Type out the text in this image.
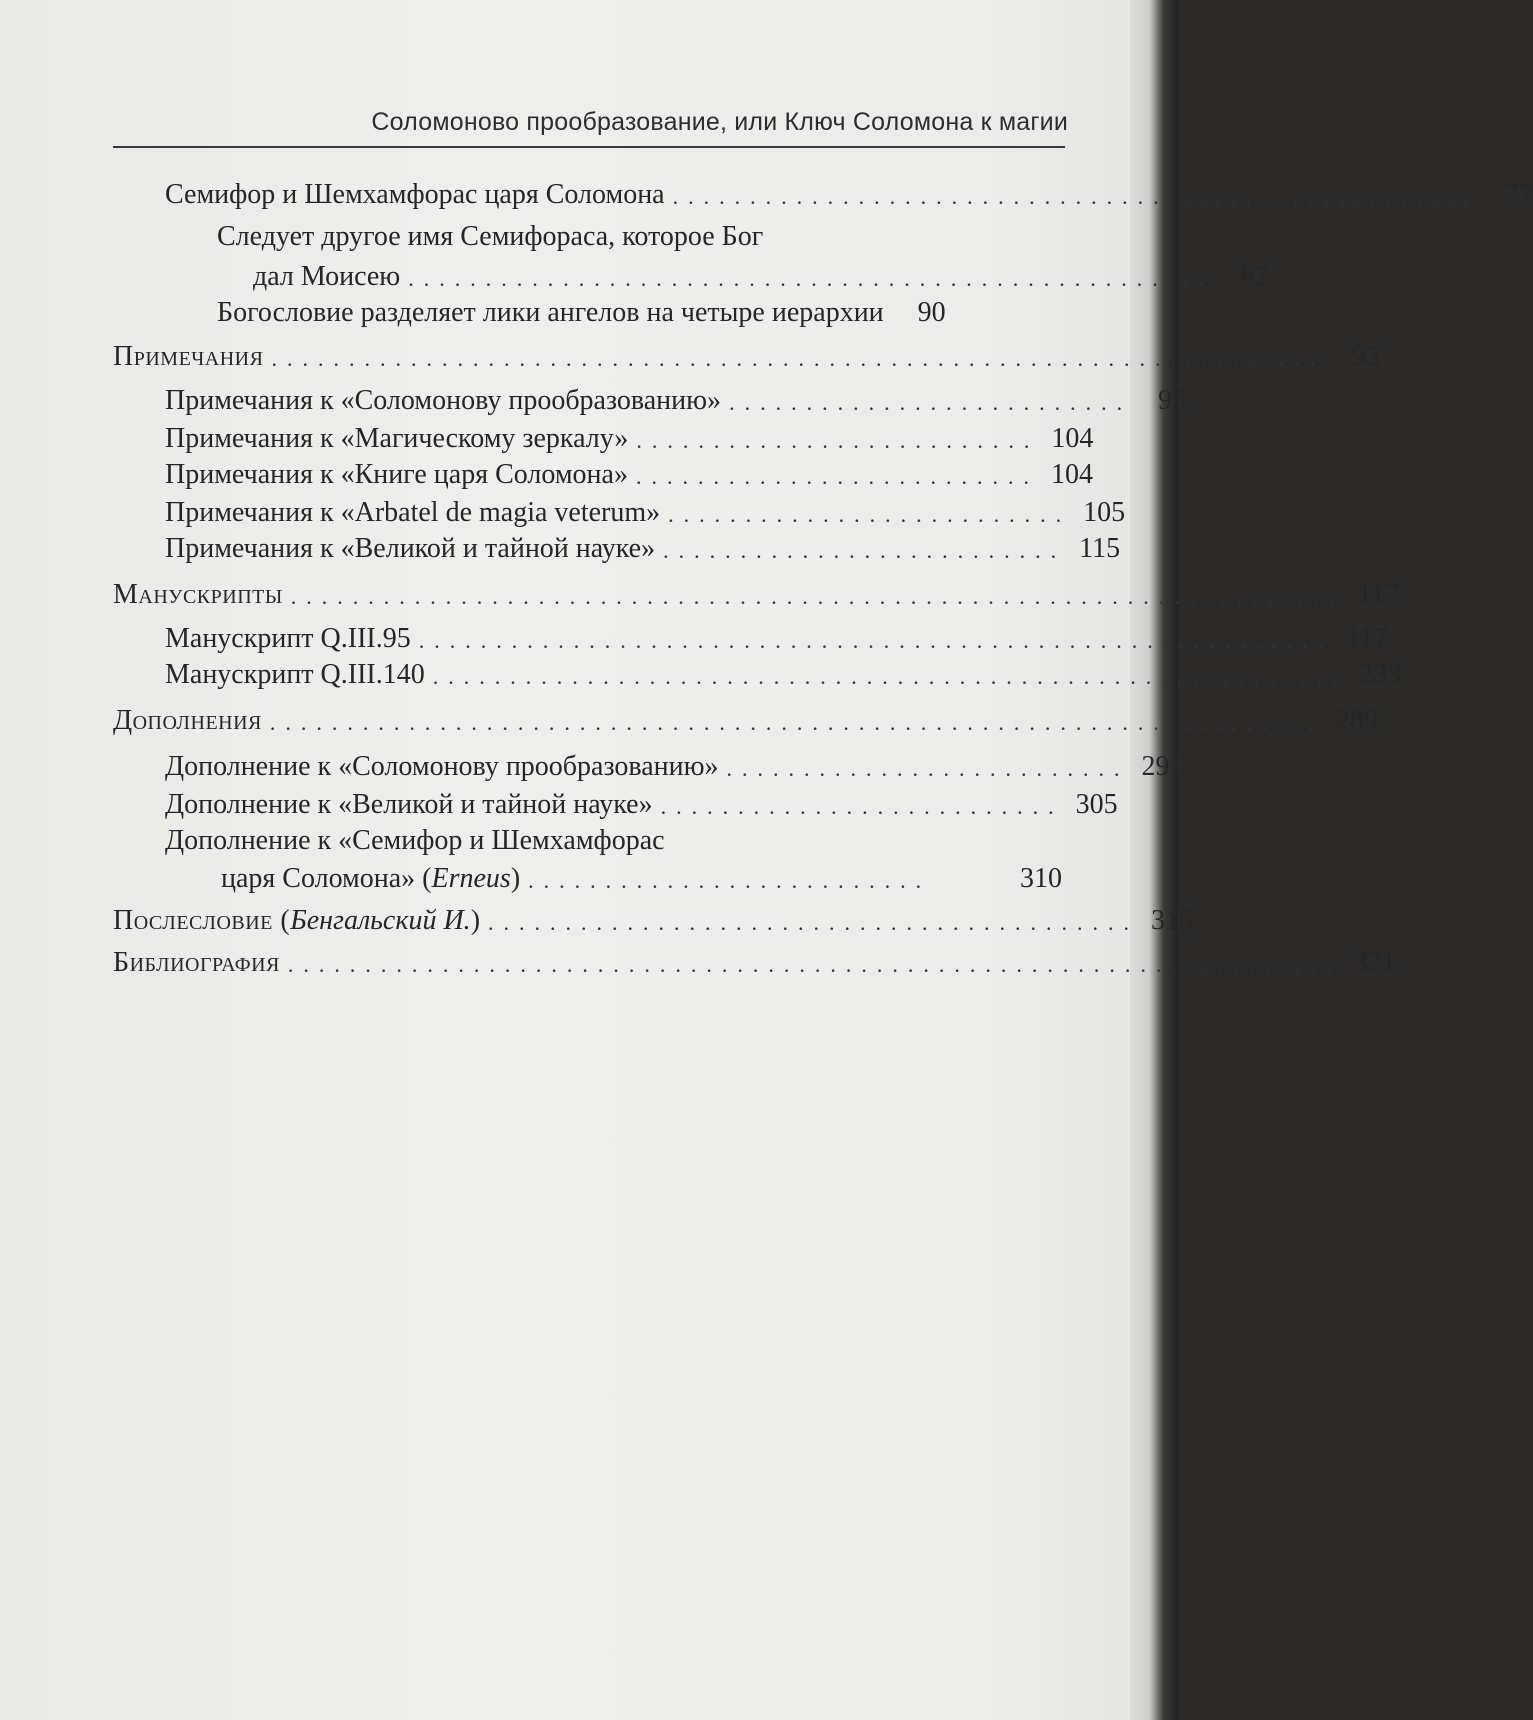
Соломоново прообразование, или Ключ Соломона к магии
Семифор и Шемхамфорас царя Соломона .................................................... 77
Следует другое имя Семифораса, которое Бог
дал Моисею .................................................... 82
Богословие разделяет лики ангелов на четыре иерархии	90
Примечания .................................................................... 93
Примечания к «Соломонову прообразованию» .......................... 95
Примечания к «Магическому зеркалу» .......................... 104
Примечания к «Книге царя Соломона» .......................... 104
Примечания к «Arbatel de magia veterum» .......................... 105
Примечания к «Великой и тайной науке» .......................... 115
Манускрипты .................................................................... 117
Манускрипт Q.III.95 ........................................................... 117
Манускрипт Q.III.140 ........................................................... 233
Дополнения .................................................................... 289
Дополнение к «Соломонову прообразованию» .......................... 291
Дополнение к «Великой и тайной науке» .......................... 305
Дополнение к «Семифор и Шемхамфорас
царя Соломона» (Erneus) ..........................	310
Послесловие (Бенгальский И.) .......................................... 315
Библиография .................................................................... 321
